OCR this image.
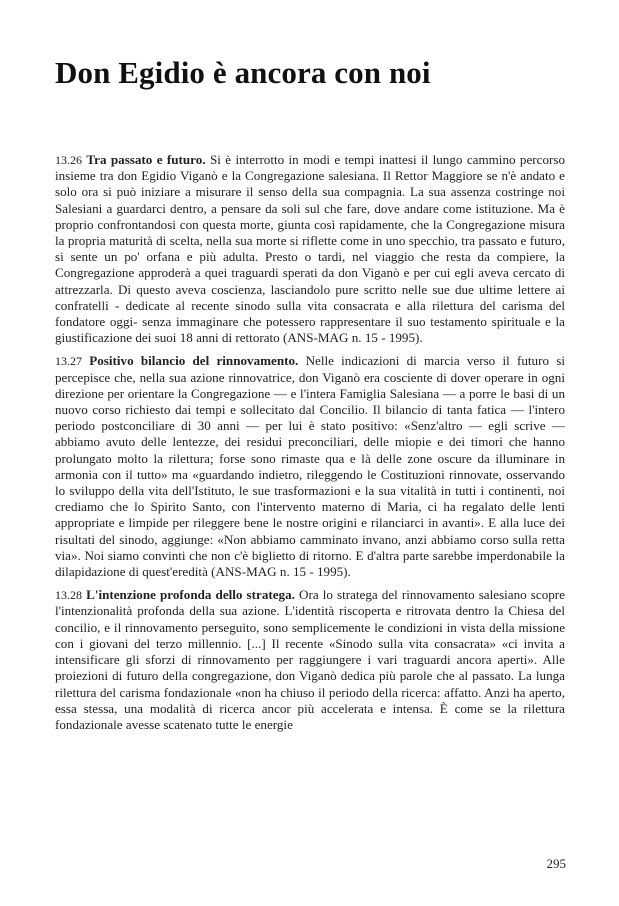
Don Egidio è ancora con noi

13.26 Tra passato e futuro. Si è interrotto in modi e tempi inattesi il lungo cammino percorso insieme tra don Egidio Viganò e la Congregazione salesiana. Il Rettor Maggiore se n'è andato e solo ora si può iniziare a misurare il senso della sua compagnia. La sua assenza costringe noi Salesiani a guardarci dentro, a pensare da soli sul che fare, dove andare come istituzione. Ma è proprio confrontandosi con questa morte, giunta così rapidamente, che la Congregazione misura la propria maturità di scelta, nella sua morte si riflette come in uno specchio, tra passato e futuro, si sente un po' orfana e più adulta. Presto o tardi, nel viaggio che resta da compiere, la Congregazione approderà a quei traguardi sperati da don Viganò e per cui egli aveva cercato di attrezzarla. Di questo aveva coscienza, lasciandolo pure scritto nelle sue due ultime lettere ai confratelli - dedicate al recente sinodo sulla vita consacrata e alla rilettura del carisma del fondatore oggi- senza immaginare che potessero rappresentare il suo testamento spirituale e la giustificazione dei suoi 18 anni di rettorato (ANS-MAG n. 15 - 1995).

13.27 Positivo bilancio del rinnovamento. Nelle indicazioni di marcia verso il futuro si percepisce che, nella sua azione rinnovatrice, don Viganò era cosciente di dover operare in ogni direzione per orientare la Congregazione — e l'intera Famiglia Salesiana — a porre le basi di un nuovo corso richiesto dai tempi e sollecitato dal Concilio. Il bilancio di tanta fatica — l'intero periodo postconciliare di 30 anni — per lui è stato positivo: «Senz'altro — egli scrive — abbiamo avuto delle lentezze, dei residui preconciliari, delle miopie e dei timori che hanno prolungato molto la rilettura; forse sono rimaste qua e là delle zone oscure da illuminare in armonia con il tutto» ma «guardando indietro, rileggendo le Costituzioni rinnovate, osservando lo sviluppo della vita dell'Istituto, le sue trasformazioni e la sua vitalità in tutti i continenti, noi crediamo che lo Spirito Santo, con l'intervento materno di Maria, ci ha regalato delle lenti appropriate e limpide per rileggere bene le nostre origini e rilanciarci in avanti». E alla luce dei risultati del sinodo, aggiunge: «Non abbiamo camminato invano, anzi abbiamo corso sulla retta via». Noi siamo convinti che non c'è biglietto di ritorno. E d'altra parte sarebbe imperdonabile la dilapidazione di quest'eredità (ANS-MAG n. 15 - 1995).

13.28 L'intenzione profonda dello stratega. Ora lo stratega del rinnovamento salesiano scopre l'intenzionalità profonda della sua azione. L'identità riscoperta e ritrovata dentro la Chiesa del concilio, e il rinnovamento perseguito, sono semplicemente le condizioni in vista della missione con i giovani del terzo millennio. [...] Il recente «Sinodo sulla vita consacrata» «ci invita a intensificare gli sforzi di rinnovamento per raggiungere i vari traguardi ancora aperti». Alle proiezioni di futuro della congregazione, don Viganò dedica più parole che al passato. La lunga rilettura del carisma fondazionale «non ha chiuso il periodo della ricerca: affatto. Anzi ha aperto, essa stessa, una modalità di ricerca ancor più accelerata e intensa. È come se la rilettura fondazionale avesse scatenato tutte le energie

295
